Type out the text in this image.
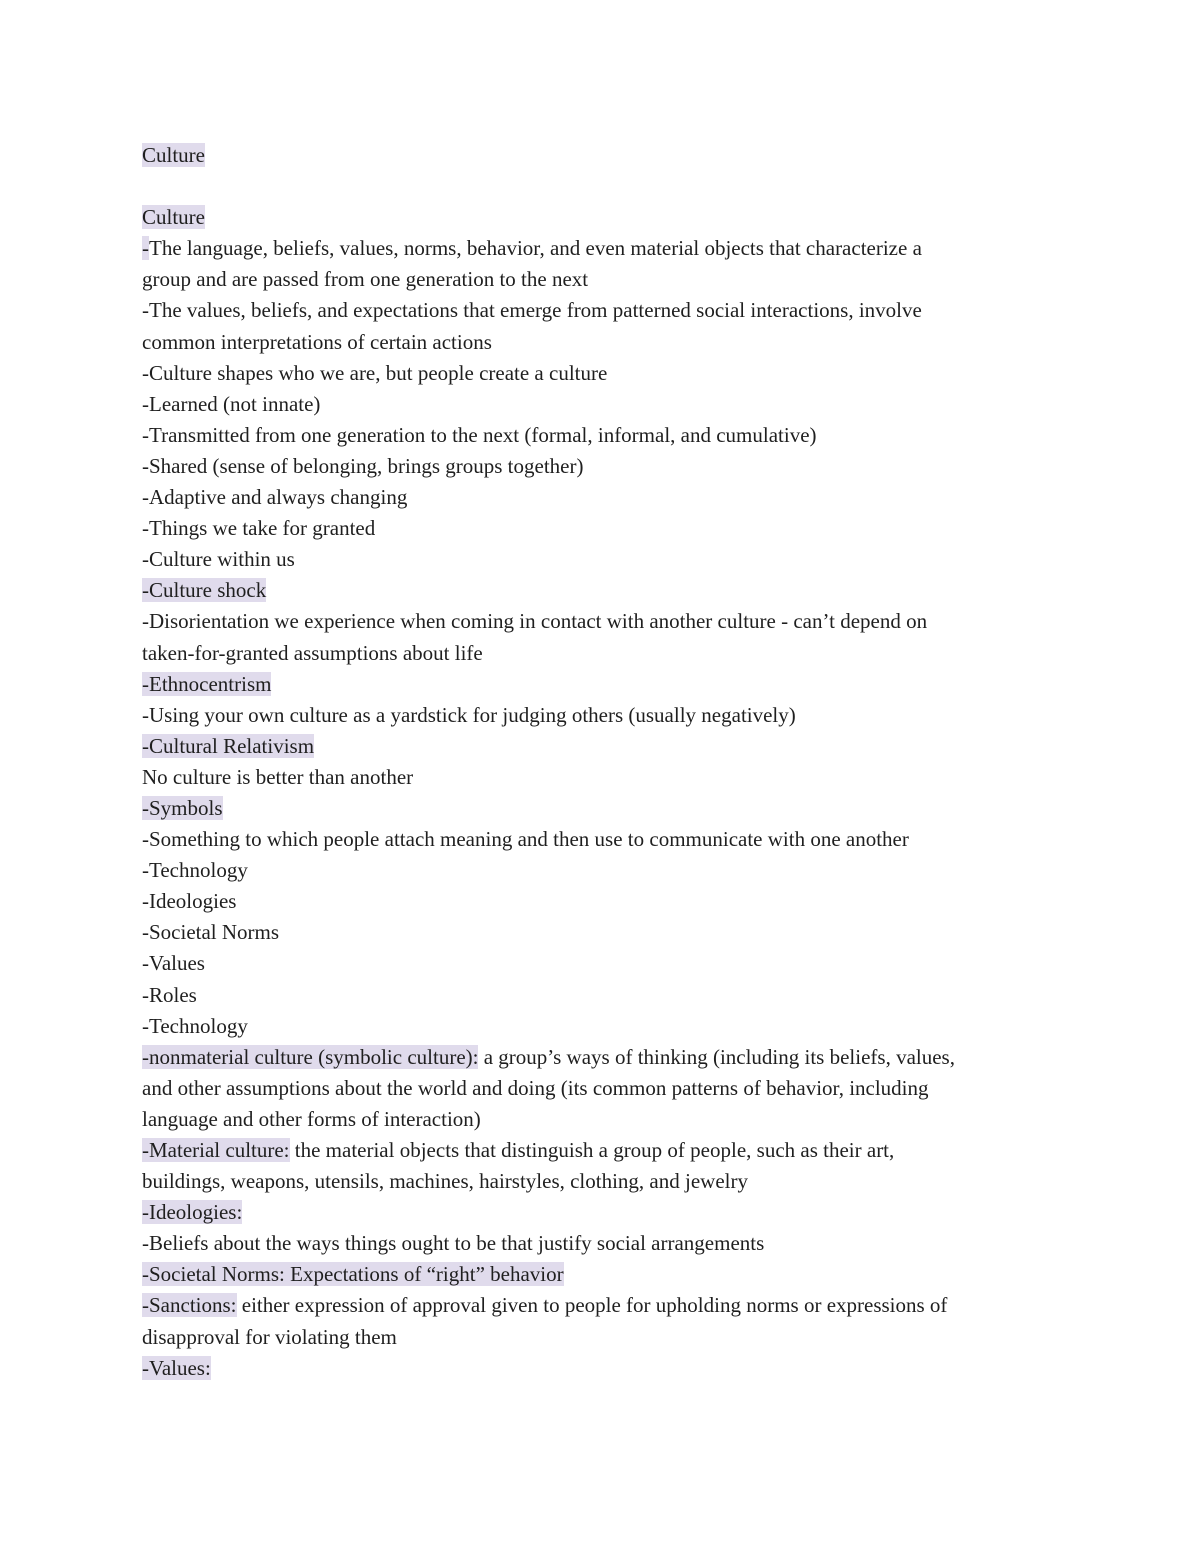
Culture
Culture
-The language, beliefs, values, norms, behavior, and even material objects that characterize a
group and are passed from one generation to the next
-The values, beliefs, and expectations that emerge from patterned social interactions, involve
common interpretations of certain actions
-Culture shapes who we are, but people create a culture
-Learned (not innate)
-Transmitted from one generation to the next (formal, informal, and cumulative)
-Shared (sense of belonging, brings groups together)
-Adaptive and always changing
-Things we take for granted
-Culture within us
-Culture shock
-Disorientation we experience when coming in contact with another culture - can’t depend on
taken-for-granted assumptions about life
-Ethnocentrism
-Using your own culture as a yardstick for judging others (usually negatively)
-Cultural Relativism
No culture is better than another
-Symbols
-Something to which people attach meaning and then use to communicate with one another
-Technology
-Ideologies
-Societal Norms
-Values
-Roles
-Technology
-nonmaterial culture (symbolic culture): a group’s ways of thinking (including its beliefs, values,
and other assumptions about the world and doing (its common patterns of behavior, including
language and other forms of interaction)
-Material culture: the material objects that distinguish a group of people, such as their art,
buildings, weapons, utensils, machines, hairstyles, clothing, and jewelry
-Ideologies:
-Beliefs about the ways things ought to be that justify social arrangements
-Societal Norms: Expectations of “right” behavior
-Sanctions: either expression of approval given to people for upholding norms or expressions of
disapproval for violating them
-Values:
